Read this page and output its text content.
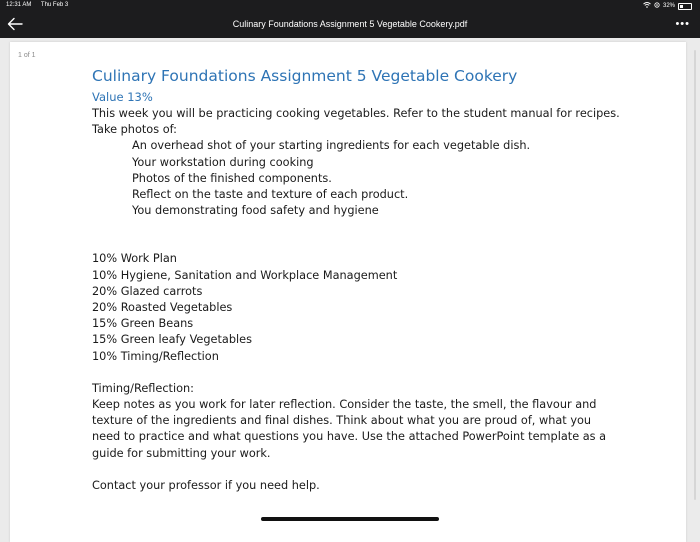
12:31 AM Thu Feb 3	32%
Culinary Foundations Assignment 5 Vegetable Cookery.pdf	•••
1 of 1
Culinary Foundations Assignment 5 Vegetable Cookery
Value 13%
This week you will be practicing cooking vegetables. Refer to the student manual for recipes.
Take photos of:
An overhead shot of your starting ingredients for each vegetable dish.
Your workstation during cooking
Photos of the finished components.
Reflect on the taste and texture of each product.
You demonstrating food safety and hygiene
10% Work Plan
10% Hygiene, Sanitation and Workplace Management
20% Glazed carrots
20% Roasted Vegetables
15% Green Beans
15% Green leafy Vegetables
10% Timing/Reflection
Timing/Reflection:
Keep notes as you work for later reflection. Consider the taste, the smell, the flavour and texture of the ingredients and final dishes. Think about what you are proud of, what you need to practice and what questions you have. Use the attached PowerPoint template as a guide for submitting your work.
Contact your professor if you need help.
